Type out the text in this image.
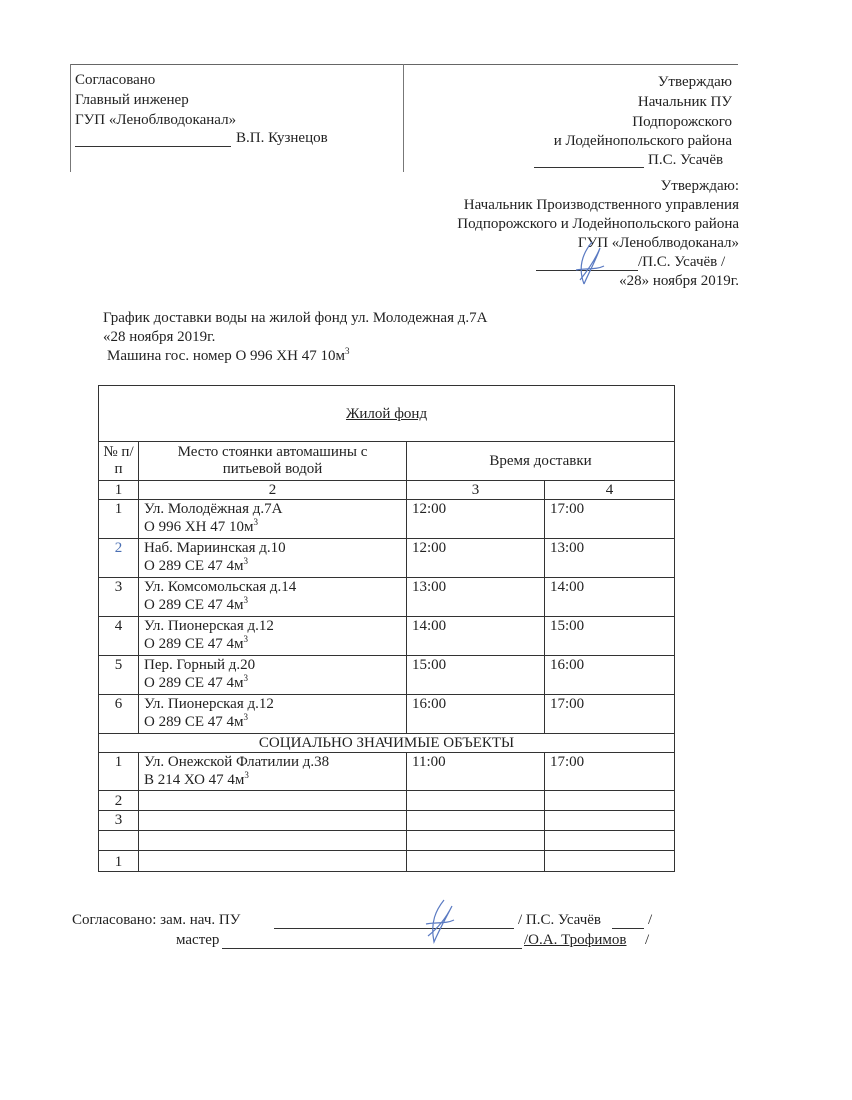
Согласовано
Главный инженер
ГУП «Леноблводоканал»
В.П. Кузнецов
Утверждаю
Начальник ПУ
Подпорожского
и Лодейнопольского района
П.С. Усачёв
Утверждаю:
Начальник Производственного управления
Подпорожского и Лодейнопольского района
ГУП «Леноблводоканал»
/П.С. Усачёв /
«28» ноября 2019г.
График доставки воды на жилой фонд ул. Молодежная д.7А
«28 ноября 2019г.
Машина гос. номер О 996 ХН 47 $10м^3$
Жилой фонд			
№ п/п	Место стоянки автомашины с питьевой водой	Время доставки	
1	2	3	4
1	Ул. Молодёжная д.7А
О 996 ХН 47 $10м^3$	12:00	17:00
2	Наб. Мариинская д.10
О 289 СЕ 47 $4м^3$	12:00	13:00
3	Ул. Комсомольская д.14
О 289 СЕ 47 $4м^3$	13:00	14:00
4	Ул. Пионерская д.12
О 289 СЕ 47 $4м^3$	14:00	15:00
5	Пер. Горный д.20
О 289 СЕ 47 $4м^3$	15:00	16:00
6	Ул. Пионерская д.12
О 289 СЕ 47 $4м^3$	16:00	17:00
СОЦИАЛЬНО ЗНАЧИМЫЕ ОБЪЕКТЫ			
1	Ул. Онежской Флатилии д.38
В 214 ХО 47 $4м^3$	11:00	17:00
2			
3			

1			
Согласовано: зам. нач. ПУ	/ П.С. Усачёв	/
мастер	/О.А. Трофимов /
